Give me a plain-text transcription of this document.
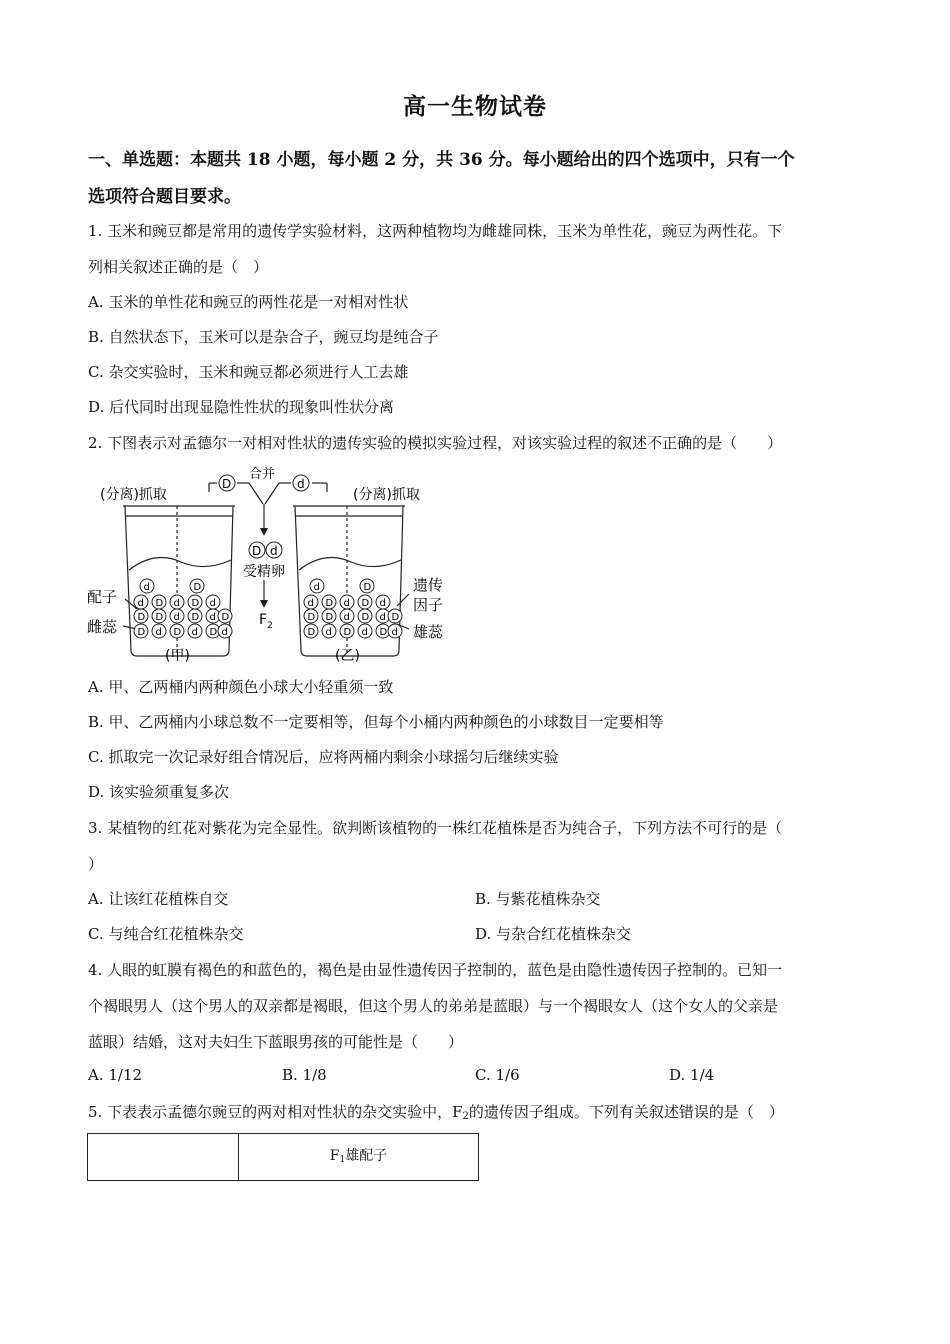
高一生物试卷
一、单选题：本题共 18 小题，每小题 2 分，共 36 分。每小题给出的四个选项中，只有一个
选项符合题目要求。
1. 玉米和豌豆都是常用的遗传学实验材料，这两种植物均为雌雄同株，玉米为单性花，豌豆为两性花。下
列相关叙述正确的是（　）
A. 玉米的单性花和豌豆的两性花是一对相对性状
B. 自然状态下，玉米可以是杂合子，豌豆均是纯合子
C. 杂交实验时，玉米和豌豆都必须进行人工去雄
D. 后代同时出现显隐性性状的现象叫性状分离
2. 下图表示对孟德尔一对相对性状的遗传实验的模拟实验过程，对该实验过程的叙述不正确的是（　　）
(分离)抓取	(分离)抓取
合并
D	d
D d
受精卵
$F_2$
配子
雌蕊
遗传
因子
雄蕊
(甲)	(乙)
d	D
d D d D d
D D d D d D
D d D d D d
d	D
d D d D d
D D d D d D
D d D d D d
A. 甲、乙两桶内两种颜色小球大小轻重须一致
B. 甲、乙两桶内小球总数不一定要相等，但每个小桶内两种颜色的小球数目一定要相等
C. 抓取完一次记录好组合情况后，应将两桶内剩余小球摇匀后继续实验
D. 该实验须重复多次
3. 某植物的红花对紫花为完全显性。欲判断该植物的一株红花植株是否为纯合子，下列方法不可行的是（
）
A. 让该红花植株自交	B. 与紫花植株杂交
C. 与纯合红花植株杂交	D. 与杂合红花植株杂交
4. 人眼的虹膜有褐色的和蓝色的，褐色是由显性遗传因子控制的，蓝色是由隐性遗传因子控制的。已知一
个褐眼男人（这个男人的双亲都是褐眼，但这个男人的弟弟是蓝眼）与一个褐眼女人（这个女人的父亲是
蓝眼）结婚，这对夫妇生下蓝眼男孩的可能性是（　　）
A. 1/12	B. 1/8	C. 1/6	D. 1/4
5. 下表表示孟德尔豌豆的两对相对性状的杂交实验中，$F_2$的遗传因子组成。下列有关叙述错误的是（　）
$F_1$雄配子
